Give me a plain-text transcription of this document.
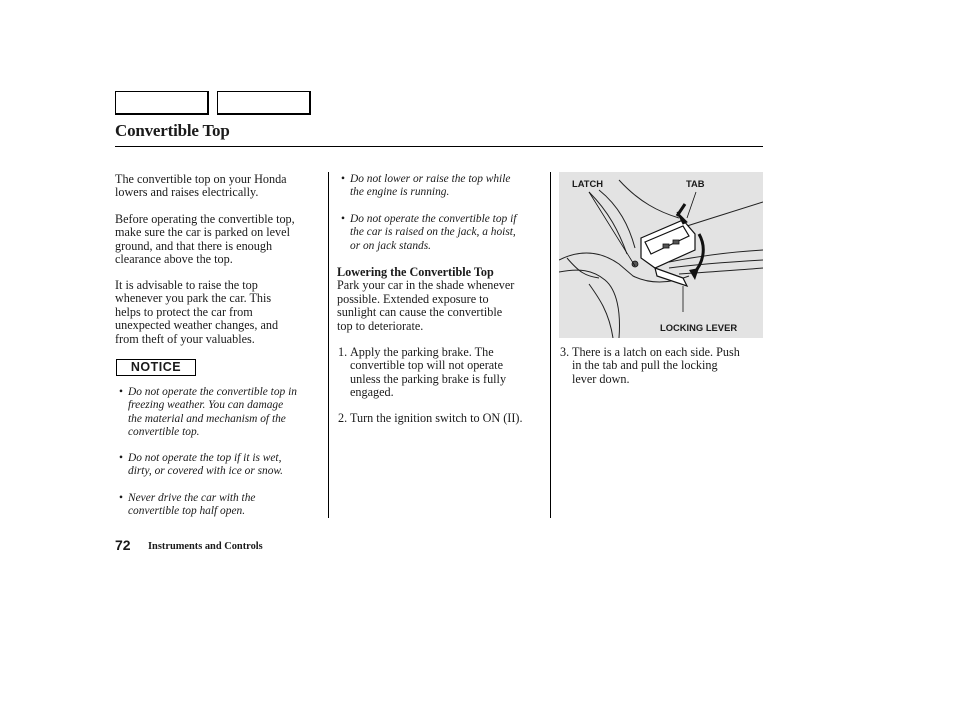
Convertible Top

The convertible top on your Honda

lowers and raises electrically.

Before operating the convertible top,

make sure the car is parked on level

ground, and that there is enough

clearance above the top.

It is advisable to raise the top

whenever you park the car. This

helps to protect the car from

unexpected weather changes, and

from theft of your valuables.

NOTICE
• Do not operate the convertible top in
freezing weather. You can damage
the material and mechanism of the
convertible top.
• Do not operate the top if it is wet,
dirty, or covered with ice or snow.
• Never drive the car with the
convertible top half open.
• Do not lower or raise the top while
the engine is running.
• Do not operate the convertible top if
the car is raised on the jack, a hoist,
or on jack stands.

Lowering the Convertible Top

Park your car in the shade whenever

possible. Extended exposure to

sunlight can cause the convertible

top to deteriorate.

1. Apply the parking brake. The
convertible top will not operate
unless the parking brake is fully
engaged.
2. Turn the ignition switch to ON (II).
LATCH	TAB
LOCKING LEVER
3. There is a latch on each side. Push
in the tab and pull the locking
lever down.
72 Instruments and Controls
